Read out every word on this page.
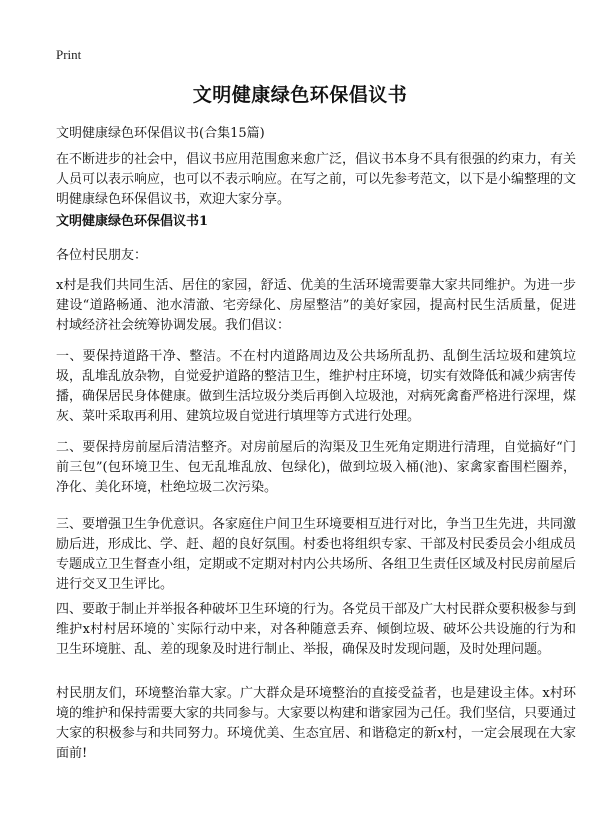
Print
文明健康绿色环保倡议书
文明健康绿色环保倡议书(合集15篇)
在不断进步的社会中，倡议书应用范围愈来愈广泛，倡议书本身不具有很强的约束力，有关人员可以表示响应，也可以不表示响应。在写之前，可以先参考范文，以下是小编整理的文明健康绿色环保倡议书，欢迎大家分享。
文明健康绿色环保倡议书1
各位村民朋友：
x村是我们共同生活、居住的家园，舒适、优美的生活环境需要靠大家共同维护。为进一步建设“道路畅通、池水清澈、宅旁绿化、房屋整洁”的美好家园，提高村民生活质量，促进村域经济社会统筹协调发展。我们倡议：
一、要保持道路干净、整洁。不在村内道路周边及公共场所乱扔、乱倒生活垃圾和建筑垃圾，乱堆乱放杂物，自觉爱护道路的整洁卫生，维护村庄环境，切实有效降低和减少病害传播，确保居民身体健康。做到生活垃圾分类后再倒入垃圾池，对病死禽畜严格进行深埋，煤灰、菜叶采取再利用、建筑垃圾自觉进行填埋等方式进行处理。
二、要保持房前屋后清洁整齐。对房前屋后的沟渠及卫生死角定期进行清理，自觉搞好“门前三包”(包环境卫生、包无乱堆乱放、包绿化)，做到垃圾入桶(池)、家禽家畜围栏圈养，净化、美化环境，杜绝垃圾二次污染。
三、要增强卫生争优意识。各家庭住户间卫生环境要相互进行对比，争当卫生先进，共同激励后进，形成比、学、赶、超的良好氛围。村委也将组织专家、干部及村民委员会小组成员专题成立卫生督查小组，定期或不定期对村内公共场所、各组卫生责任区域及村民房前屋后进行交叉卫生评比。
四、要敢于制止并举报各种破坏卫生环境的行为。各党员干部及广大村民群众要积极参与到维护x村村居环境的`实际行动中来，对各种随意丢弃、倾倒垃圾、破坏公共设施的行为和卫生环境脏、乱、差的现象及时进行制止、举报，确保及时发现问题，及时处理问题。
村民朋友们，环境整治靠大家。广大群众是环境整治的直接受益者，也是建设主体。x村环境的维护和保持需要大家的共同参与。大家要以构建和谐家园为己任。我们坚信，只要通过大家的积极参与和共同努力。环境优美、生态宜居、和谐稳定的新x村，一定会展现在大家面前!
